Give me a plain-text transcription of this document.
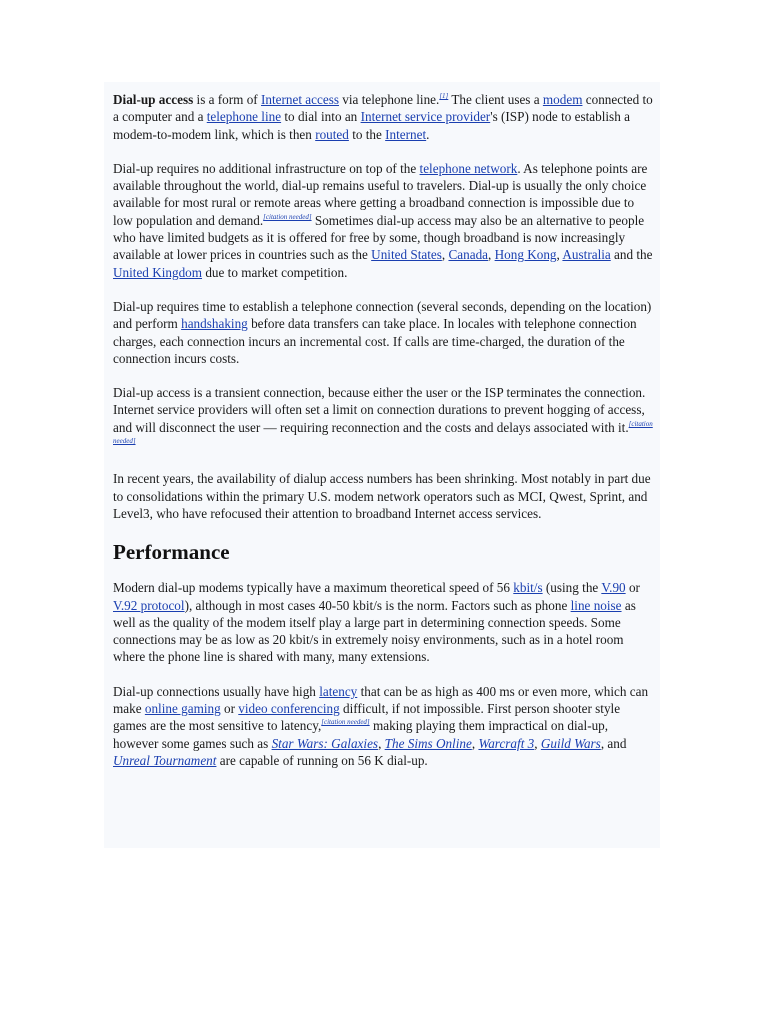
Dial-up access is a form of Internet access via telephone line.[1] The client uses a modem connected to a computer and a telephone line to dial into an Internet service provider's (ISP) node to establish a modem-to-modem link, which is then routed to the Internet.

Dial-up requires no additional infrastructure on top of the telephone network. As telephone points are available throughout the world, dial-up remains useful to travelers. Dial-up is usually the only choice available for most rural or remote areas where getting a broadband connection is impossible due to low population and demand.[citation needed] Sometimes dial-up access may also be an alternative to people who have limited budgets as it is offered for free by some, though broadband is now increasingly available at lower prices in countries such as the United States, Canada, Hong Kong, Australia and the United Kingdom due to market competition.

Dial-up requires time to establish a telephone connection (several seconds, depending on the location) and perform handshaking before data transfers can take place. In locales with telephone connection charges, each connection incurs an incremental cost. If calls are time-charged, the duration of the connection incurs costs.

Dial-up access is a transient connection, because either the user or the ISP terminates the connection. Internet service providers will often set a limit on connection durations to prevent hogging of access, and will disconnect the user — requiring reconnection and the costs and delays associated with it.[citation needed]

In recent years, the availability of dialup access numbers has been shrinking. Most notably in part due to consolidations within the primary U.S. modem network operators such as MCI, Qwest, Sprint, and Level3, who have refocused their attention to broadband Internet access services.

Performance

Modern dial-up modems typically have a maximum theoretical speed of 56 kbit/s (using the V.90 or V.92 protocol), although in most cases 40-50 kbit/s is the norm. Factors such as phone line noise as well as the quality of the modem itself play a large part in determining connection speeds. Some connections may be as low as 20 kbit/s in extremely noisy environments, such as in a hotel room where the phone line is shared with many, many extensions.

Dial-up connections usually have high latency that can be as high as 400 ms or even more, which can make online gaming or video conferencing difficult, if not impossible. First person shooter style games are the most sensitive to latency,[citation needed] making playing them impractical on dial-up, however some games such as Star Wars: Galaxies, The Sims Online, Warcraft 3, Guild Wars, and Unreal Tournament are capable of running on 56 K dial-up.
